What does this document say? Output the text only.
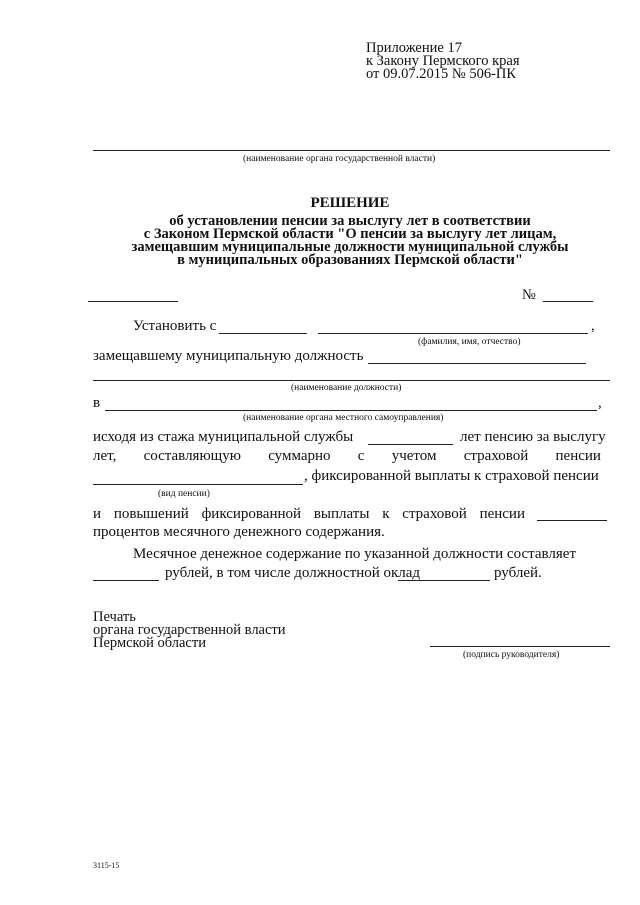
Приложение 17
к Закону Пермского края
от 09.07.2015 № 506-ПК
(наименование органа государственной власти)
РЕШЕНИЕ
об установлении пенсии за выслугу лет в соответствии
с Законом Пермской области "О пенсии за выслугу лет лицам,
замещавшим муниципальные должности муниципальной службы
в муниципальных образованиях Пермской области"
№
Установить с	,
(фамилия, имя, отчество)
замещавшему муниципальную должность
(наименование должности)
в	,
(наименование органа местного самоуправления)
исходя из стажа муниципальной службы	лет пенсию за выслугу
лет, составляющую суммарно с учетом страховой пенсии
, фиксированной выплаты к страховой пенсии
(вид пенсии)
и повышений фиксированной выплаты к страховой пенсии
процентов месячного денежного содержания.
Месячное денежное содержание по указанной должности составляет
рублей, в том числе должностной оклад	рублей.
Печать
органа государственной власти
Пермской области
(подпись руководителя)
3115-15
